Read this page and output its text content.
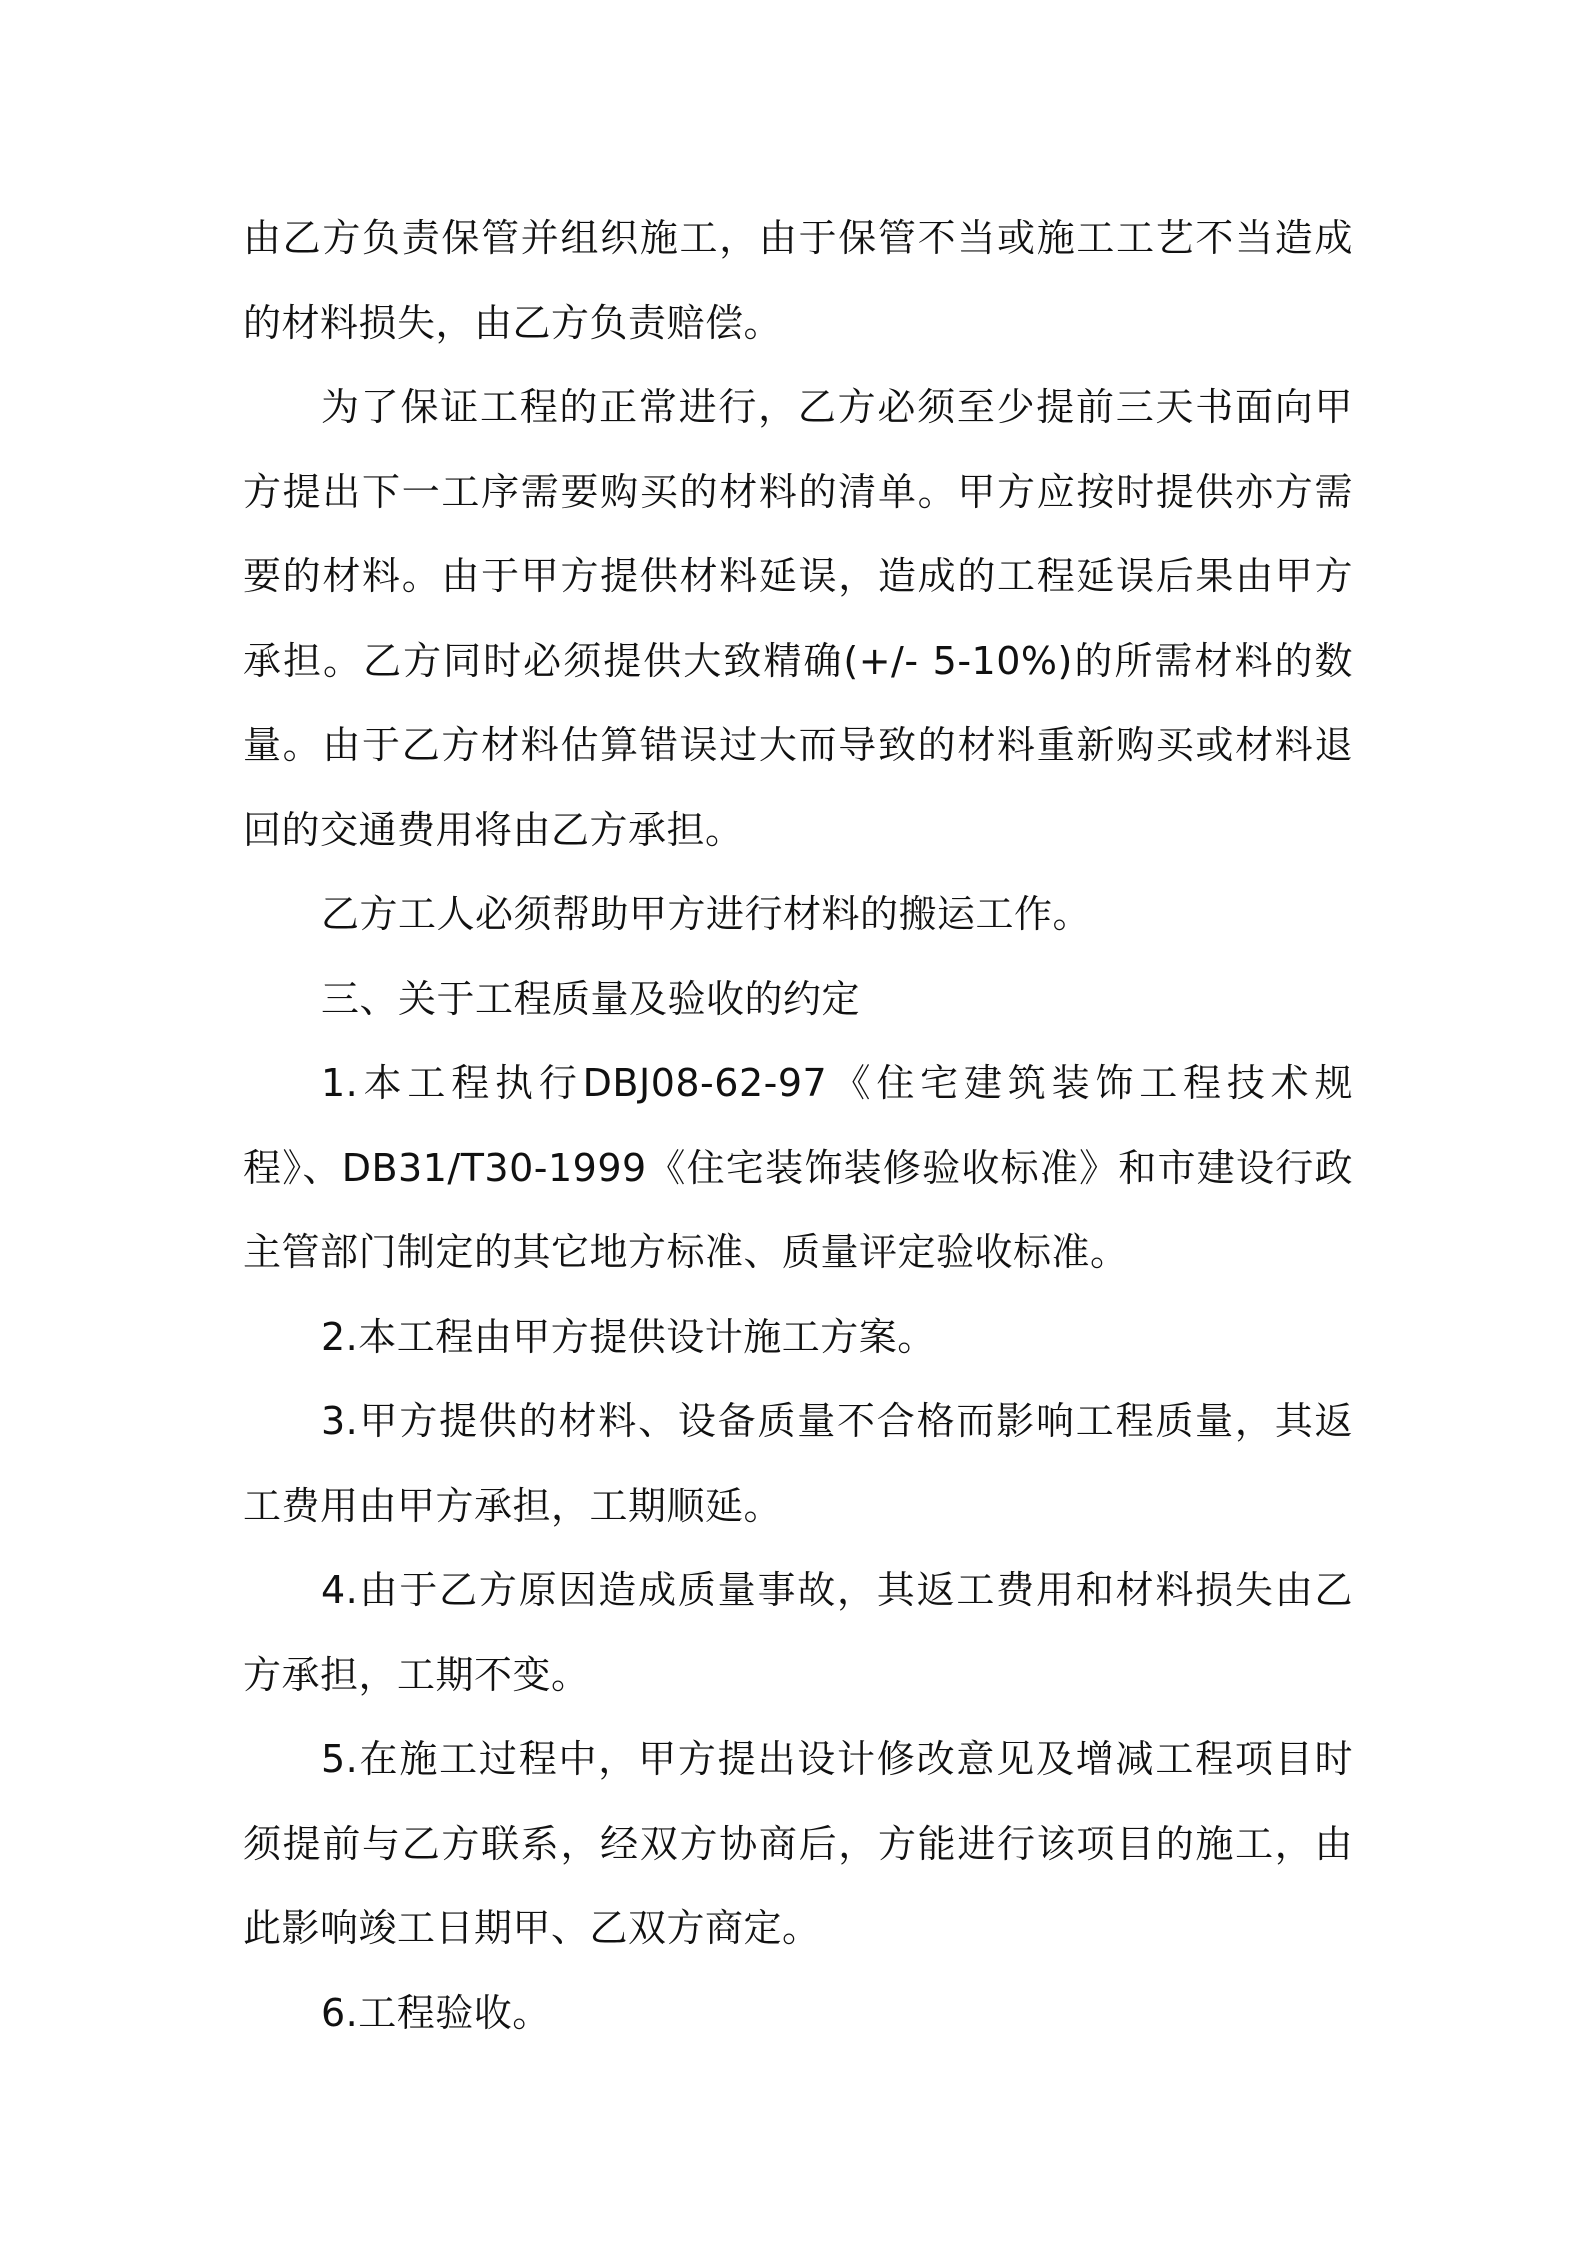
由乙方负责保管并组织施工，由于保管不当或施工工艺不当造成的材料损失，由乙方负责赔偿。

为了保证工程的正常进行，乙方必须至少提前三天书面向甲方提出下一工序需要购买的材料的清单。甲方应按时提供亦方需要的材料。由于甲方提供材料延误，造成的工程延误后果由甲方承担。乙方同时必须提供大致精确(+/- 5-10%)的所需材料的数量。由于乙方材料估算错误过大而导致的材料重新购买或材料退回的交通费用将由乙方承担。

乙方工人必须帮助甲方进行材料的搬运工作。

三、关于工程质量及验收的约定

1.本工程执行DBJ08-62-97《住宅建筑装饰工程技术规程》、DB31/T30-1999《住宅装饰装修验收标准》和市建设行政主管部门制定的其它地方标准、质量评定验收标准。

2.本工程由甲方提供设计施工方案。

3.甲方提供的材料、设备质量不合格而影响工程质量，其返工费用由甲方承担，工期顺延。

4.由于乙方原因造成质量事故，其返工费用和材料损失由乙方承担，工期不变。

5.在施工过程中，甲方提出设计修改意见及增减工程项目时须提前与乙方联系，经双方协商后，方能进行该项目的施工，由此影响竣工日期甲、乙双方商定。

6.工程验收。
